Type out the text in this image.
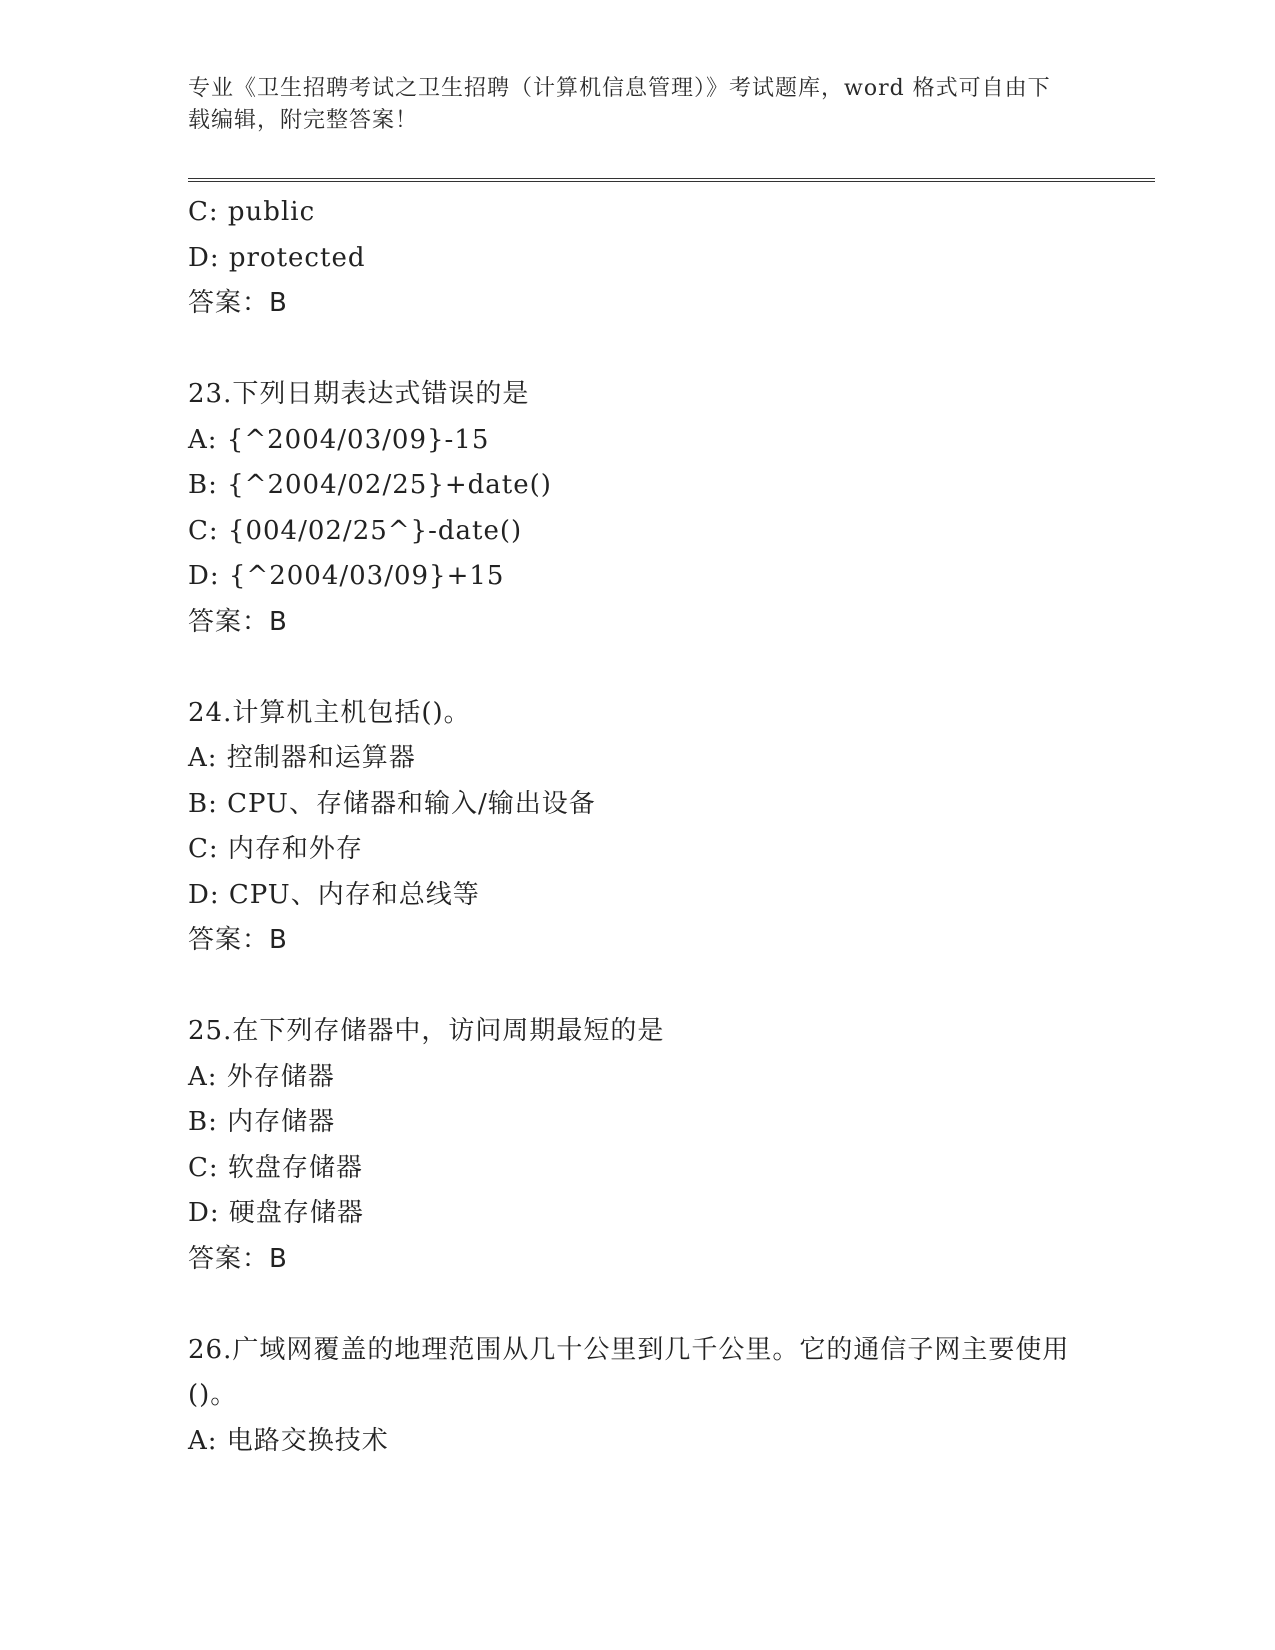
专业《卫生招聘考试之卫生招聘（计算机信息管理）》考试题库，word 格式可自由下载编辑，附完整答案！
C: public
D: protected
答案：B
23.下列日期表达式错误的是
A: {^2004/03/09}-15
B: {^2004/02/25}+date()
C: {004/02/25^}-date()
D: {^2004/03/09}+15
答案：B
24.计算机主机包括()。
A: 控制器和运算器
B: CPU、存储器和输入/输出设备
C: 内存和外存
D: CPU、内存和总线等
答案：B
25.在下列存储器中，访问周期最短的是
A: 外存储器
B: 内存储器
C: 软盘存储器
D: 硬盘存储器
答案：B
26.广域网覆盖的地理范围从几十公里到几千公里。它的通信子网主要使用()。
A: 电路交换技术
